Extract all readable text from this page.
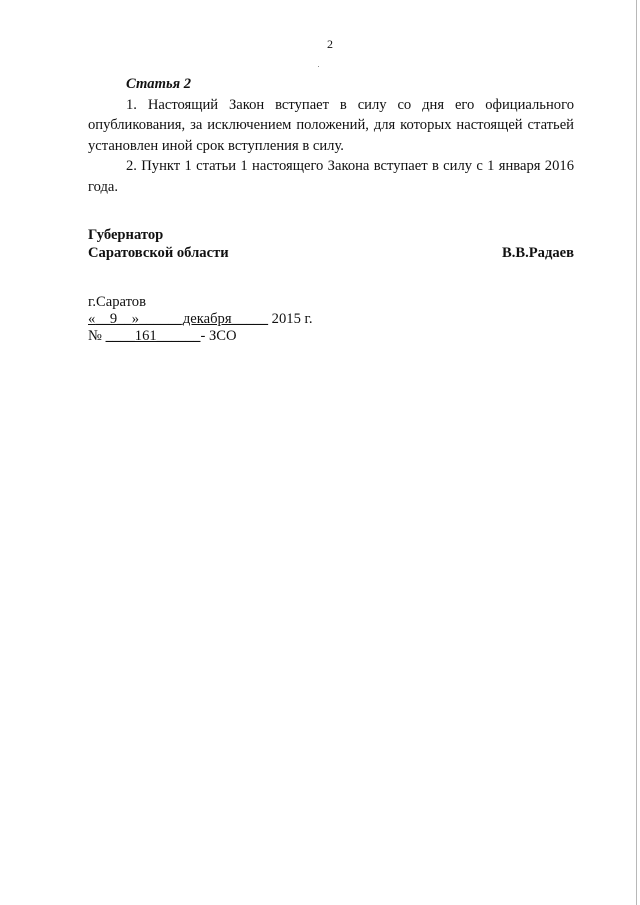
2
Статья 2

1. Настоящий Закон вступает в силу со дня его официального опубликования, за исключением положений, для которых настоящей статьей установлен иной срок вступления в силу.

2. Пункт 1 статьи 1 настоящего Закона вступает в силу с 1 января 2016 года.

Губернатор
Саратовской области	В.В.Радаев
г.Саратов
«__9__»______декабря_____ 2015 г.
№ ____161______- ЗСО
